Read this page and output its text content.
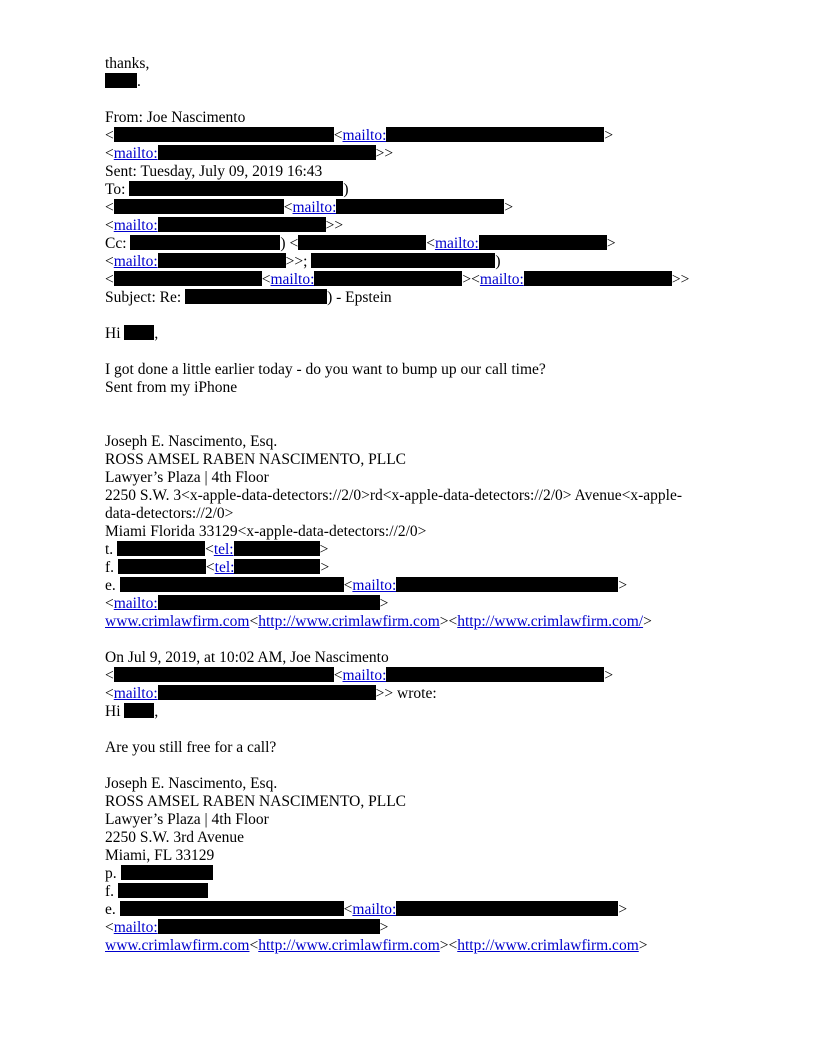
thanks,
.
From: Joe Nascimento
<	<mailto:	>
<mailto:	>>
Sent: Tuesday, July 09, 2019 16:43
To:	)
<	<mailto:	>
<mailto:	>>
Cc:	) <	<mailto:	>
<mailto:	>>;	)
<	<mailto:	><mailto:	>>
Subject: Re:	) - Epstein
Hi ,
I got done a little earlier today - do you want to bump up our call time?
Sent from my iPhone
Joseph E. Nascimento, Esq.
ROSS AMSEL RABEN NASCIMENTO, PLLC
Lawyer’s Plaza | 4th Floor
2250 S.W. 3<x-apple-data-detectors://2/0>rd<x-apple-data-detectors://2/0> Avenue<x-apple-data-detectors://2/0>
Miami Florida 33129<x-apple-data-detectors://2/0>
t.	<tel:	>
f.	<tel:	>
e.	<mailto:	>
<mailto:	>
www.crimlawfirm.com<http://www.crimlawfirm.com><http://www.crimlawfirm.com/>
On Jul 9, 2019, at 10:02 AM, Joe Nascimento
<	<mailto:	>
<mailto:	>> wrote:
Hi ,
Are you still free for a call?
Joseph E. Nascimento, Esq.
ROSS AMSEL RABEN NASCIMENTO, PLLC
Lawyer’s Plaza | 4th Floor
2250 S.W. 3rd Avenue
Miami, FL 33129
p.
f.
e.	<mailto:	>
<mailto:	>
www.crimlawfirm.com<http://www.crimlawfirm.com><http://www.crimlawfirm.com>
